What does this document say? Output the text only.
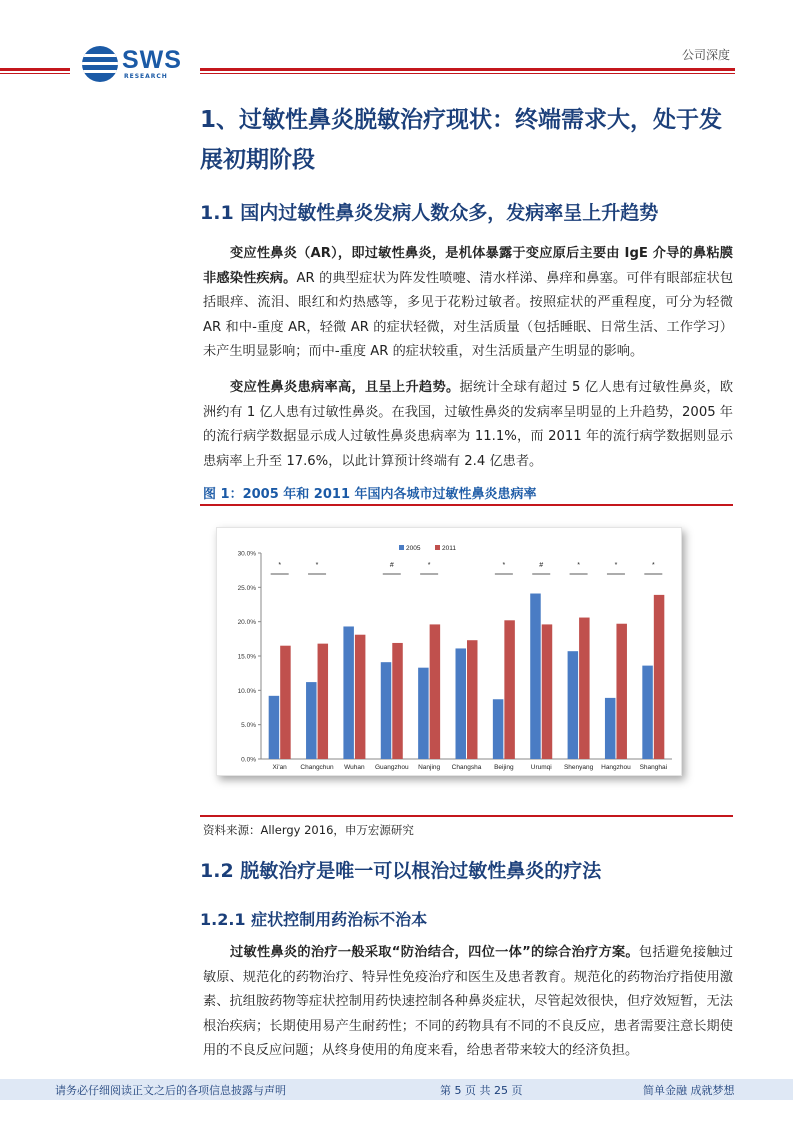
SWS
RESEARCH
公司深度
1、过敏性鼻炎脱敏治疗现状：终端需求大，处于发展初期阶段
1.1 国内过敏性鼻炎发病人数众多，发病率呈上升趋势
变应性鼻炎（AR），即过敏性鼻炎，是机体暴露于变应原后主要由 IgE 介导的鼻粘膜非感染性疾病。AR 的典型症状为阵发性喷嚏、清水样涕、鼻痒和鼻塞。可伴有眼部症状包括眼痒、流泪、眼红和灼热感等，多见于花粉过敏者。按照症状的严重程度，可分为轻微 AR 和中-重度 AR，轻微 AR 的症状轻微，对生活质量（包括睡眠、日常生活、工作学习）未产生明显影响；而中-重度 AR 的症状较重，对生活质量产生明显的影响。
变应性鼻炎患病率高，且呈上升趋势。据统计全球有超过 5 亿人患有过敏性鼻炎，欧洲约有 1 亿人患有过敏性鼻炎。在我国，过敏性鼻炎的发病率呈明显的上升趋势，2005 年的流行病学数据显示成人过敏性鼻炎患病率为 11.1%，而 2011 年的流行病学数据则显示患病率上升至 17.6%，以此计算预计终端有 2.4 亿患者。
图 1：2005 年和 2011 年国内各城市过敏性鼻炎患病率
0.0%
5.0%
10.0%
15.0%
20.0%
25.0%
30.0%
Xi'an
*
Changchun
*
Wuhan Guangzhou
#
Nanjing
*
Changsha Beijing
*
Urumqi
#
Shenyang
*
Hangzhou
*
Shanghai
*
2005	2011
资料来源：Allergy 2016，申万宏源研究
1.2 脱敏治疗是唯一可以根治过敏性鼻炎的疗法
1.2.1 症状控制用药治标不治本
过敏性鼻炎的治疗一般采取“防治结合，四位一体”的综合治疗方案。包括避免接触过敏原、规范化的药物治疗、特异性免疫治疗和医生及患者教育。规范化的药物治疗指使用激素、抗组胺药物等症状控制用药快速控制各种鼻炎症状，尽管起效很快，但疗效短暂，无法根治疾病；长期使用易产生耐药性；不同的药物具有不同的不良反应，患者需要注意长期使用的不良反应问题；从终身使用的角度来看，给患者带来较大的经济负担。
请务必仔细阅读正文之后的各项信息披露与声明	第 5 页 共 25 页	简单金融 成就梦想
